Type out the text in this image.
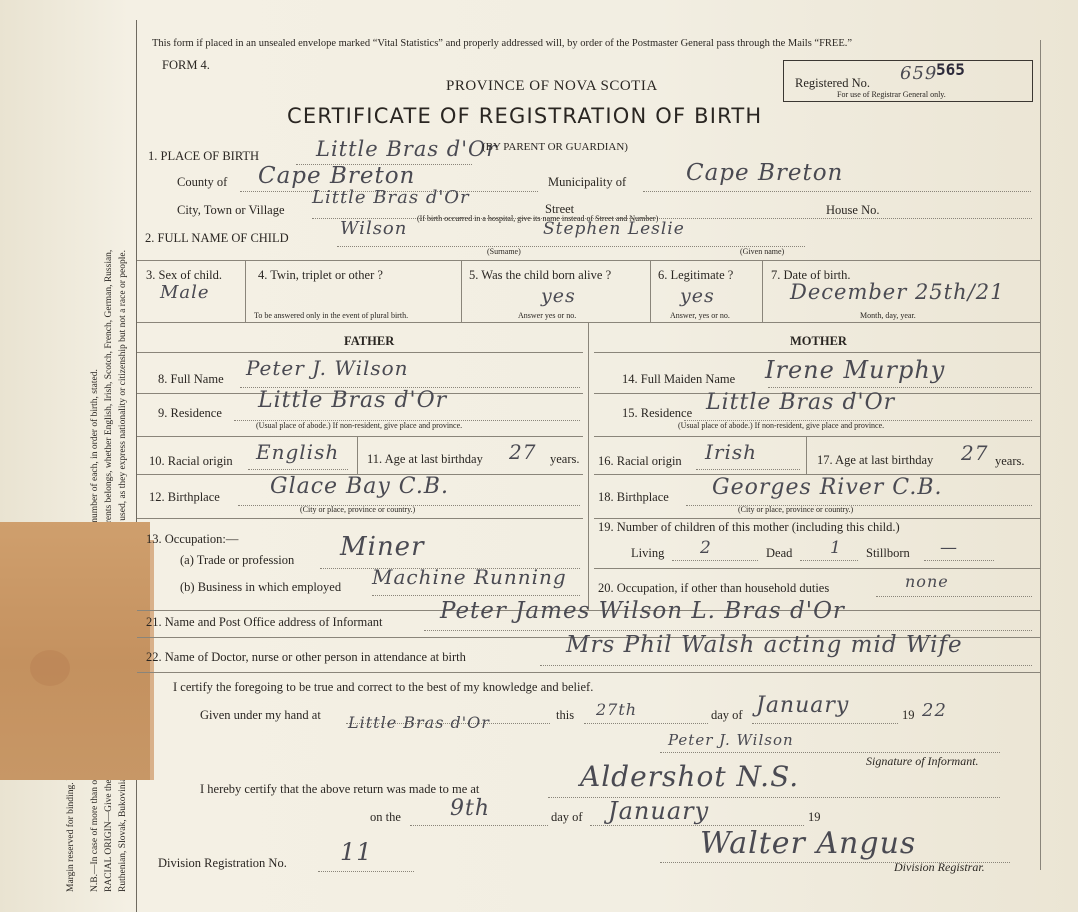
This form if placed in an unsealed envelope marked “Vital Statistics” and properly addressed will, by order of the Postmaster General pass through the Mails “FREE.”
FORM 4.
PROVINCE OF NOVA SCOTIA
CERTIFICATE OF REGISTRATION OF BIRTH
Registered No. 659
565
For use of Registrar General only.
1. PLACE OF BIRTH	Little Bras d'Or
(BY PARENT OR GUARDIAN)
County of Cape Breton	Municipality of	Cape Breton
City, Town or Village
Little Bras d'Or
(If birth occurred in a hospital, give its name instead of Street and Number)
Street	House No.
2. FULL NAME OF CHILD	Wilson	Stephen Leslie
(Surname)	(Given name)
3. Sex of child.
Male
4. Twin, triplet or other ?
To be answered only in the event of plural birth.
5. Was the child born alive ?
yes
Answer yes or no.
6. Legitimate ?
yes
Answer, yes or no.
7. Date of birth.
December 25th/21
Month, day, year.
FATHER	MOTHER
8. Full Name Peter J. Wilson
9. Residence Little Bras d'Or
(Usual place of abode.) If non-resident, give place and province.
10. Racial origin English 11. Age at last birthday 27 years.
12. Birthplace Glace Bay C.B.
(City or place, province or country.)
13. Occupation:—
(a) Trade or profession Miner
(b) Business in which employed Machine Running
14. Full Maiden Name Irene Murphy
15. Residence Little Bras d'Or
(Usual place of abode.) If non-resident, give place and province.
16. Racial origin Irish	17. Age at last birthday 27 years.
18. Birthplace Georges River C.B.
(City or place, province or country.)
19. Number of children of this mother (including this child.)
Living 2	Dead 1 Stillborn —
20. Occupation, if other than household duties	none
21. Name and Post Office address of Informant Peter James Wilson L. Bras d'Or
22. Name of Doctor, nurse or other person in attendance at birth	Mrs Phil Walsh acting mid Wife
I certify the foregoing to be true and correct to the best of my knowledge and belief.
Given under my hand at Little Bras d'Or	this 27th	day of January	19 22
Peter J. Wilson
Signature of Informant.
I hereby certify that the above return was made to me at	Aldershot N.S.
on the 9th	day of January	19
Division Registration No. 11	Walter Angus
Division Registrar.
